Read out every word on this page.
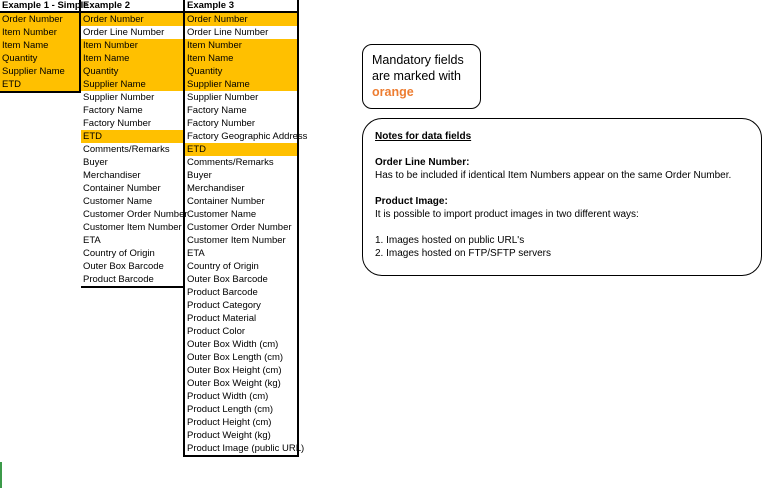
Example 1 - Simple
Order Number
Item Number
Item Name
Quantity
Supplier Name
ETD
Example 2
Order Number
Order Line Number
Item Number
Item Name
Quantity
Supplier Name
Supplier Number
Factory Name
Factory Number
ETD
Comments/Remarks
Buyer
Merchandiser
Container Number
Customer Name
Customer Order Number
Customer Item Number
ETA
Country of Origin
Outer Box Barcode
Product Barcode
Example 3
Order Number
Order Line Number
Item Number
Item Name
Quantity
Supplier Name
Supplier Number
Factory Name
Factory Number
Factory Geographic Address
ETD
Comments/Remarks
Buyer
Merchandiser
Container Number
Customer Name
Customer Order Number
Customer Item Number
ETA
Country of Origin
Outer Box Barcode
Product Barcode
Product Category
Product Material
Product Color
Outer Box Width (cm)
Outer Box Length (cm)
Outer Box Height (cm)
Outer Box Weight (kg)
Product Width (cm)
Product Length (cm)
Product Height (cm)
Product Weight (kg)
Product Image (public URL)
Mandatory fields
are marked with
orange
Notes for data fields
Order Line Number:
Has to be included if identical Item Numbers appear on the same Order Number.
Product Image:
It is possible to import product images in two different ways:
1. Images hosted on public URL's
2. Images hosted on FTP/SFTP servers
